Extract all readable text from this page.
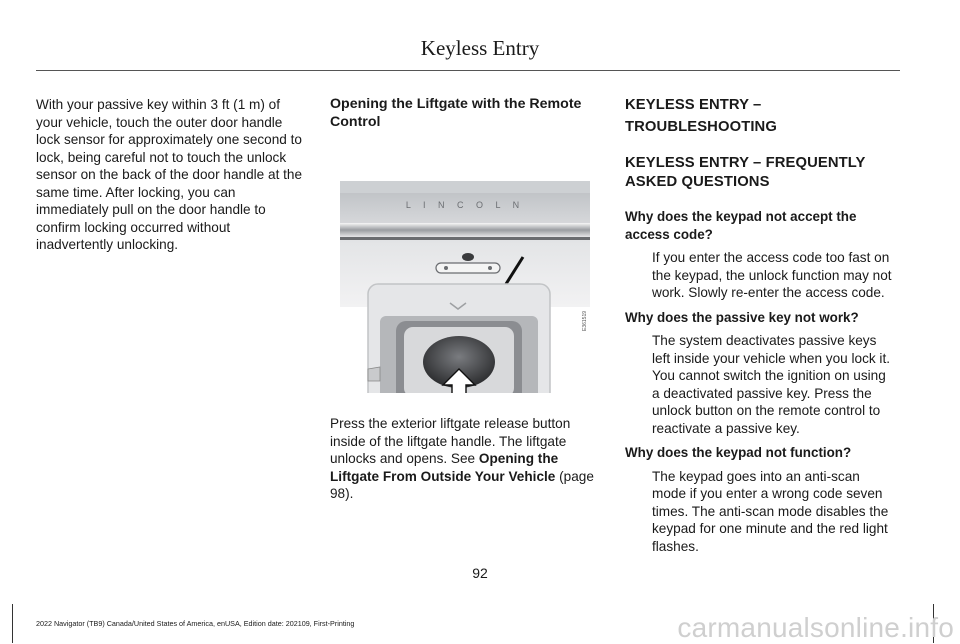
Keyless Entry

With your passive key within 3 ft (1 m) of your vehicle, touch the outer door handle lock sensor for approximately one second to lock, being careful not to touch the unlock sensor on the back of the door handle at the same time. After locking, you can immediately pull on the door handle to confirm locking occurred without inadvertently unlocking.

Opening the Liftgate with the Remote Control

L I N C O L N
E361519

Press the exterior liftgate release button inside of the liftgate handle. The liftgate unlocks and opens. See Opening the Liftgate From Outside Your Vehicle (page 98).

KEYLESS ENTRY –

TROUBLESHOOTING

KEYLESS ENTRY – FREQUENTLY ASKED QUESTIONS

Why does the keypad not accept the access code?

If you enter the access code too fast on the keypad, the unlock function may not work. Slowly re-enter the access code.

Why does the passive key not work?

The system deactivates passive keys left inside your vehicle when you lock it. You cannot switch the ignition on using a deactivated passive key. Press the unlock button on the remote control to reactivate a passive key.

Why does the keypad not function?

The keypad goes into an anti-scan mode if you enter a wrong code seven times. The anti-scan mode disables the keypad for one minute and the red light flashes.

92
2022 Navigator (TB9) Canada/United States of America, enUSA, Edition date: 202109, First-Printing	carmanualsonline.info
